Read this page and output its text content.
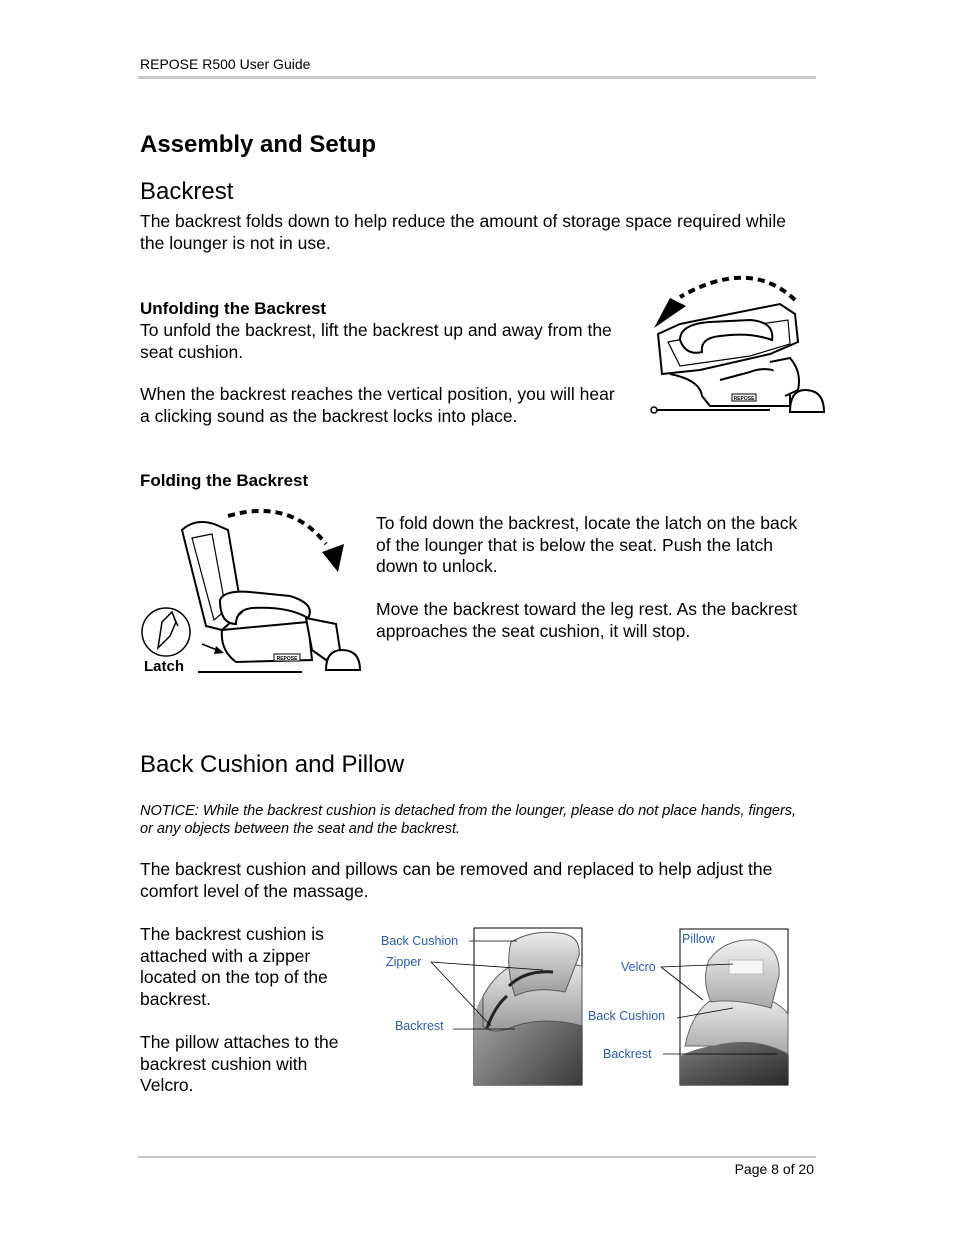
REPOSE R500 User Guide
Assembly and Setup
Backrest
The backrest folds down to help reduce the amount of storage space required while the lounger is not in use.
Unfolding the Backrest
To unfold the backrest, lift the backrest up and away from the seat cushion.
When the backrest reaches the vertical position, you will hear a clicking sound as the backrest locks into place.
REPOSE
Folding the Backrest
REPOSE
Latch
To fold down the backrest, locate the latch on the back of the lounger that is below the seat. Push the latch down to unlock.
Move the backrest toward the leg rest. As the backrest approaches the seat cushion, it will stop.
Back Cushion and Pillow
NOTICE: While the backrest cushion is detached from the lounger, please do not place hands, fingers, or any objects between the seat and the backrest.
The backrest cushion and pillows can be removed and replaced to help adjust the comfort level of the massage.
The backrest cushion is attached with a zipper located on the top of the backrest.
The pillow attaches to the backrest cushion with Velcro.
Back Cushion
Zipper
Backrest
Pillow
Velcro
Back Cushion
Backrest
Page 8 of 20
